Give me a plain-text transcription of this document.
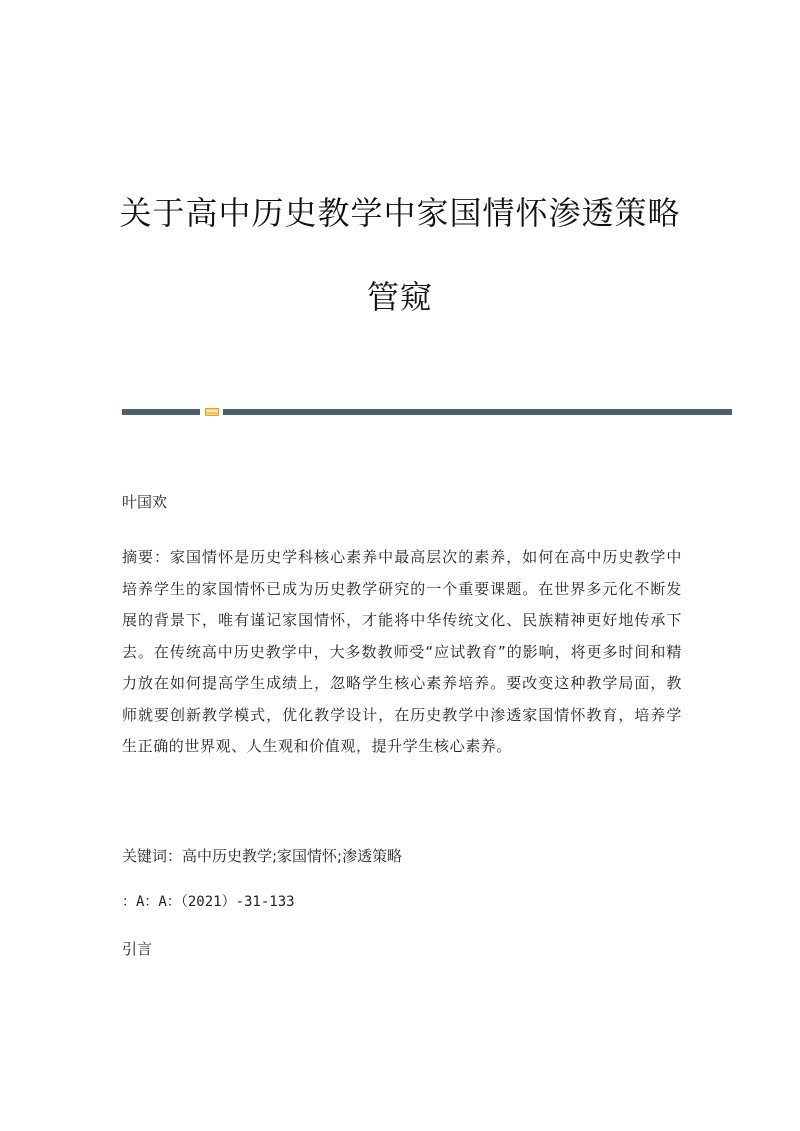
关于高中历史教学中家国情怀渗透策略
管窥

叶国欢

摘要：家国情怀是历史学科核心素养中最高层次的素养，如何在高中历史教学中培养学生的家国情怀已成为历史教学研究的一个重要课题。在世界多元化不断发展的背景下，唯有谨记家国情怀，才能将中华传统文化、民族精神更好地传承下去。在传统高中历史教学中，大多数教师受“应试教育”的影响，将更多时间和精力放在如何提高学生成绩上，忽略学生核心素养培养。要改变这种教学局面，教师就要创新教学模式，优化教学设计，在历史教学中渗透家国情怀教育，培养学生正确的世界观、人生观和价值观，提升学生核心素养。

关键词：高中历史教学;家国情怀;渗透策略

：A：A：（2021）-31-133

引言
